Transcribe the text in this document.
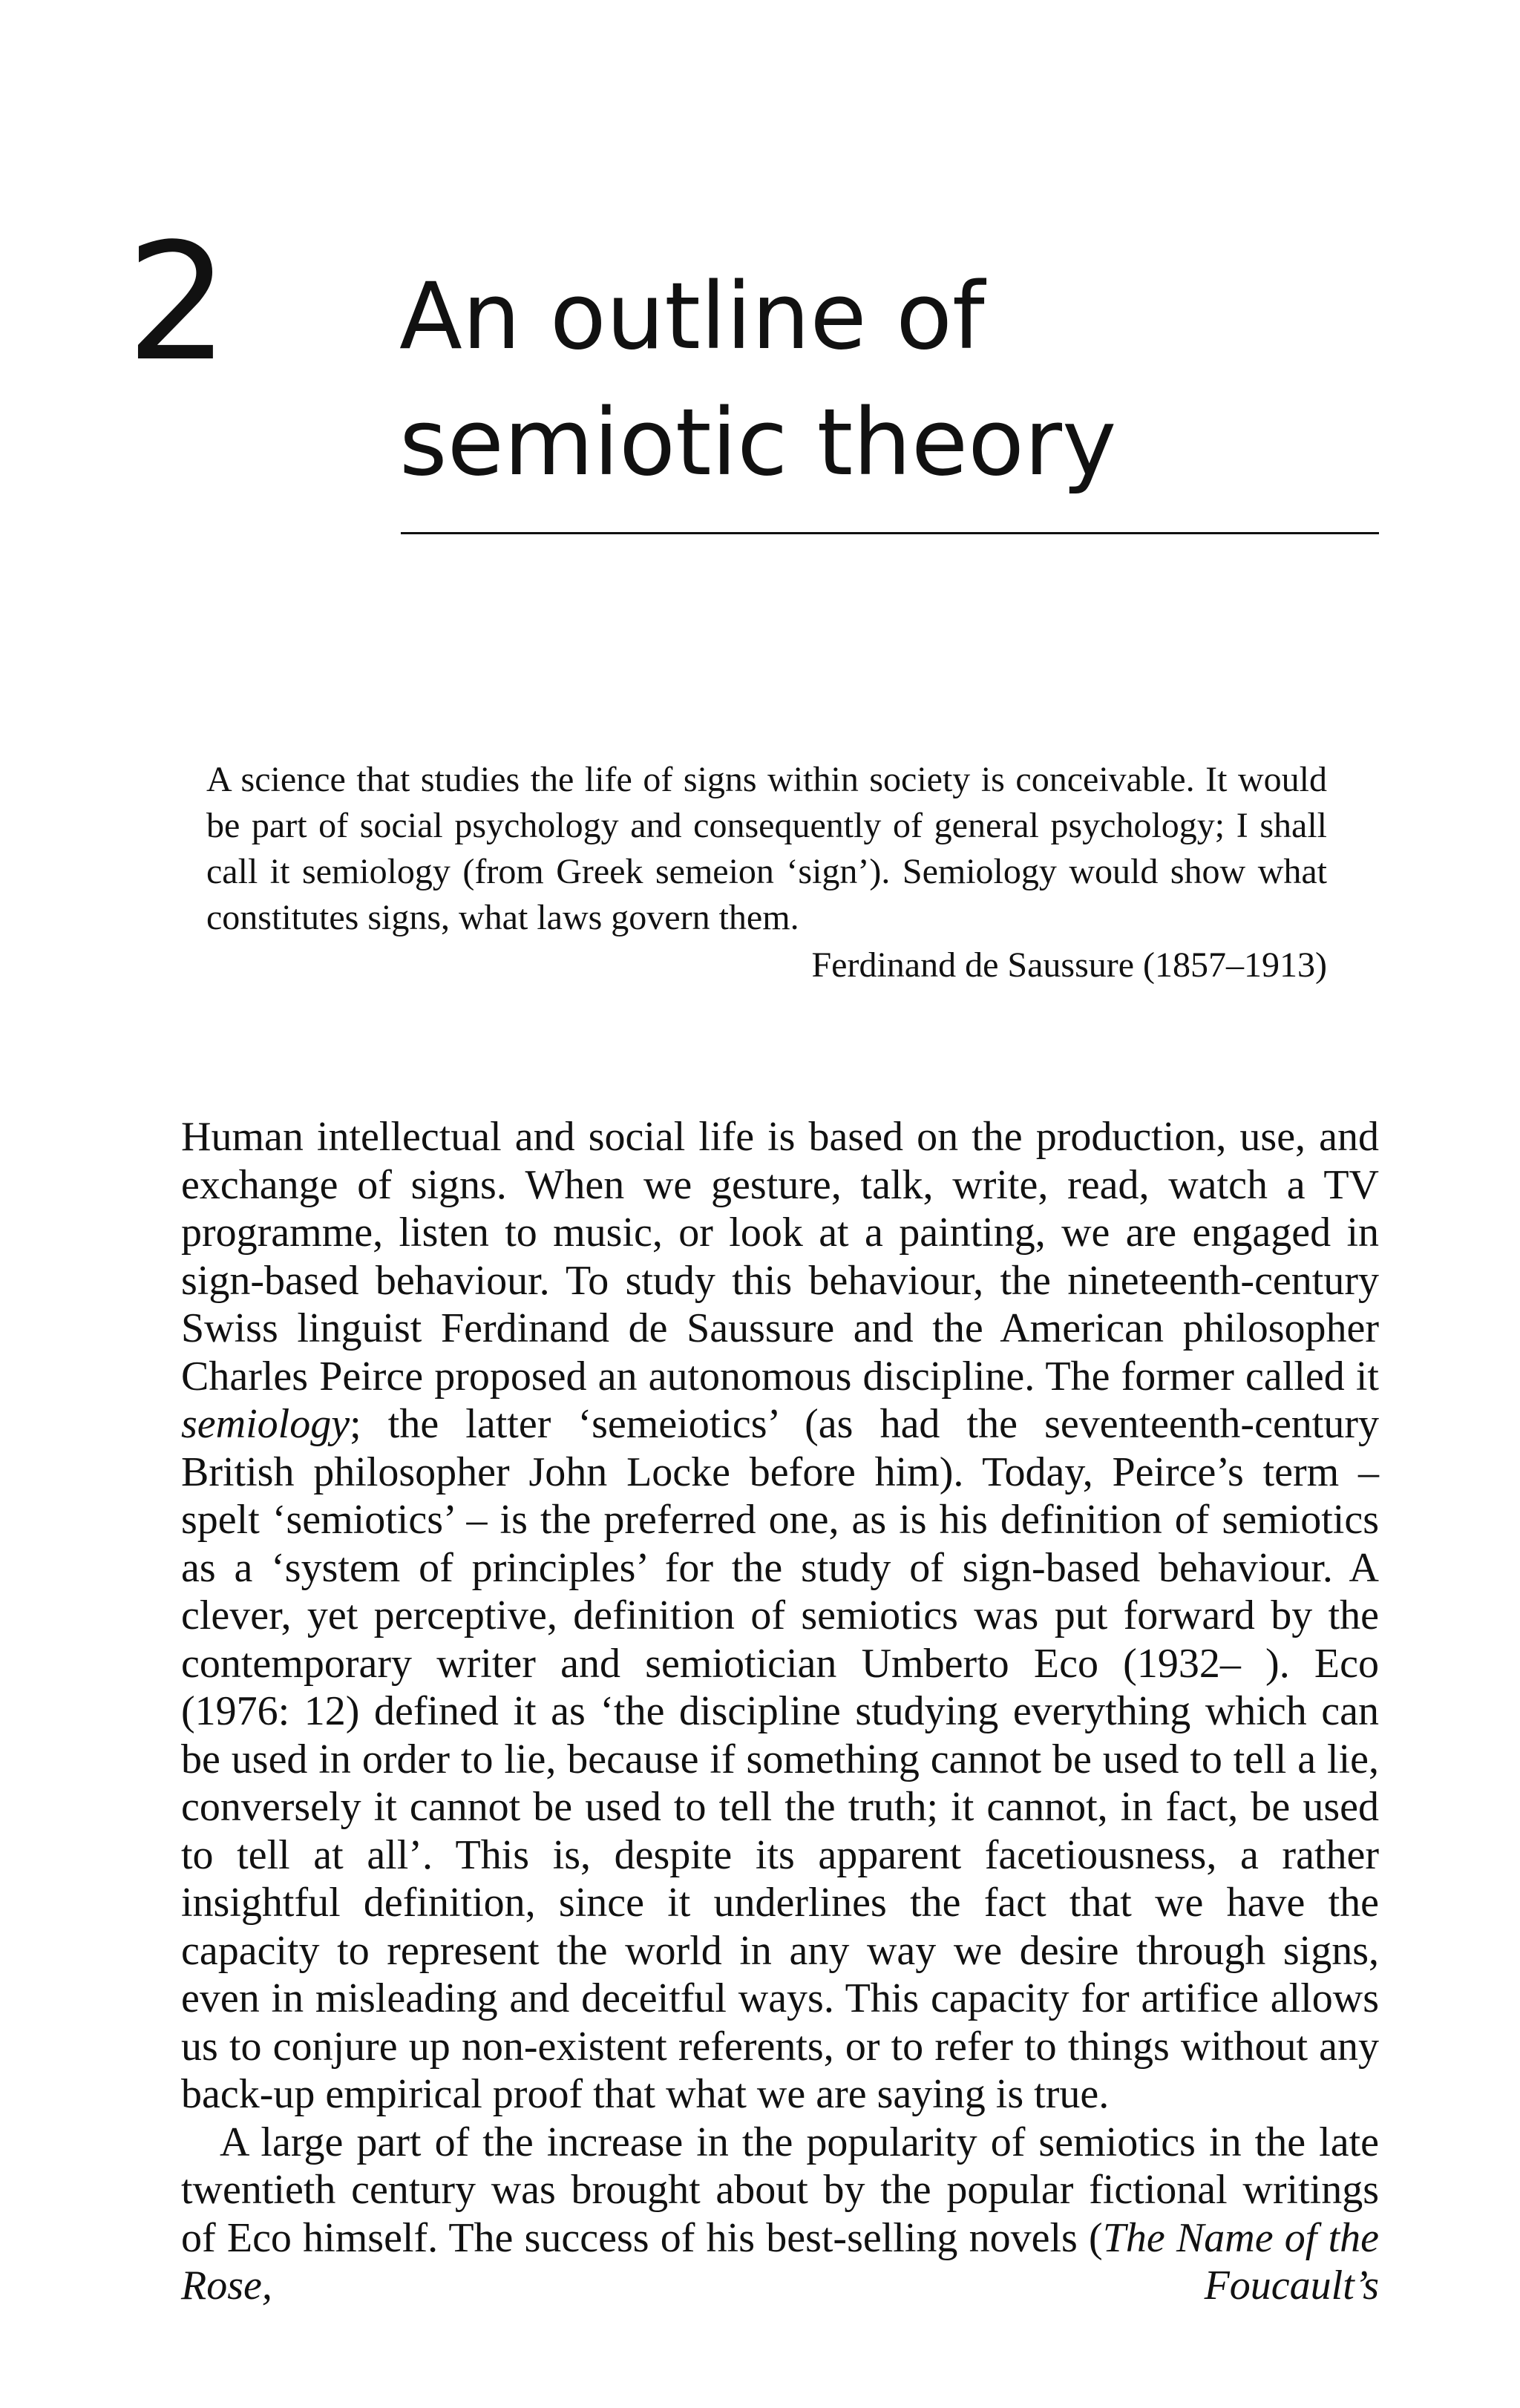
2 An outline of
semiotic theory
A science that studies the life of signs within society is conceivable. It would be part of social psychology and consequently of general psychology; I shall call it semiology (from Greek semeion ‘sign’). Semiology would show what constitutes signs, what laws govern them.
Ferdinand de Saussure (1857–1913)

Human intellectual and social life is based on the production, use, and exchange of signs. When we gesture, talk, write, read, watch a TV programme, listen to music, or look at a painting, we are engaged in sign-based behaviour. To study this behaviour, the nineteenth-century Swiss linguist Ferdinand de Saussure and the American philosopher Charles Peirce proposed an autonomous discipline. The former called it semiology; the latter ‘semeiotics’ (as had the seventeenth-century British philosopher John Locke before him). Today, Peirce’s term – spelt ‘semiotics’ – is the preferred one, as is his definition of semiotics as a ‘system of principles’ for the study of sign-based behaviour. A clever, yet perceptive, definition of semiotics was put forward by the contemporary writer and semiotician Umberto Eco (1932– ). Eco (1976: 12) defined it as ‘the discipline studying everything which can be used in order to lie, because if something cannot be used to tell a lie, conversely it cannot be used to tell the truth; it cannot, in fact, be used to tell at all’. This is, despite its apparent facetiousness, a rather insightful definition, since it underlines the fact that we have the capacity to represent the world in any way we desire through signs, even in misleading and deceitful ways. This capacity for artifice allows us to conjure up non-existent referents, or to refer to things without any back-up empirical proof that what we are saying is true.

A large part of the increase in the popularity of semiotics in the late twentieth century was brought about by the popular fictional writings of Eco himself. The success of his best-selling novels (The Name of the Rose, Foucault’s
